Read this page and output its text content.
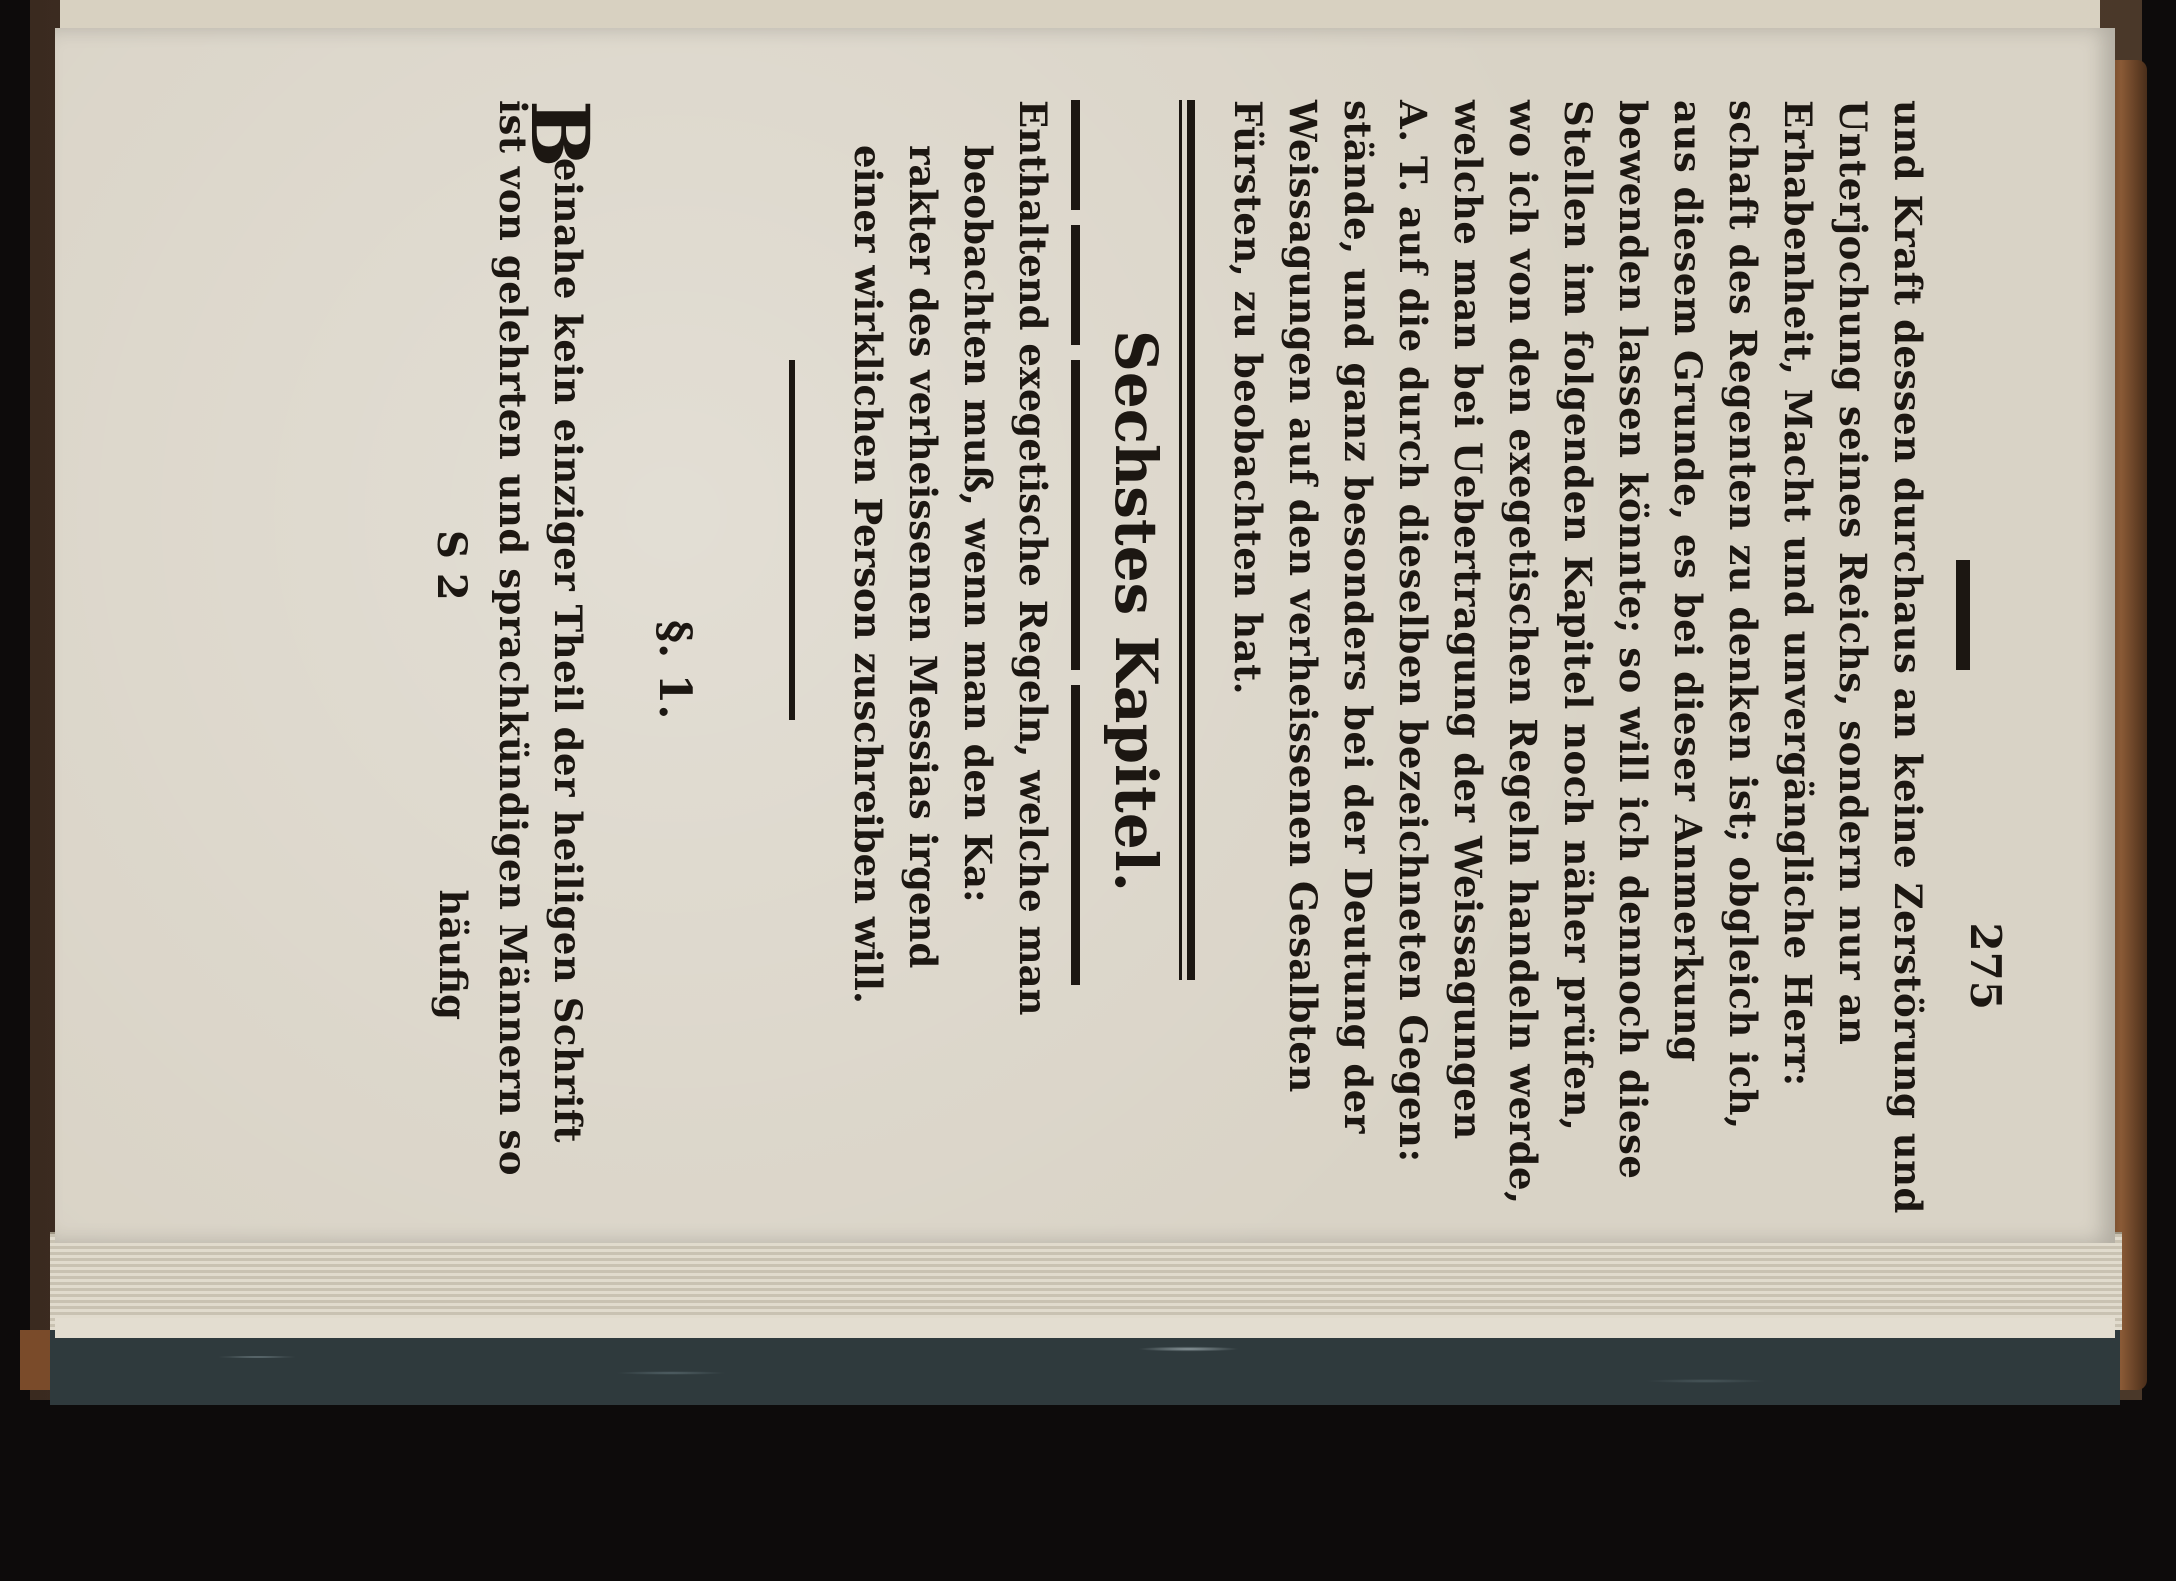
275
und Kraft dessen durchaus an keine Zerstörung und
Unterjochung seines Reichs, sondern nur an
Erhabenheit, Macht und unvergängliche Herr:
schaft des Regenten zu denken ist; obgleich ich,
aus diesem Grunde, es bei dieser Anmerkung
bewenden lassen könnte; so will ich dennoch diese
Stellen im folgenden Kapitel noch näher prüfen,
wo ich von den exegetischen Regeln handeln werde,
welche man bei Uebertragung der Weissagungen
A. T. auf die durch dieselben bezeichneten Gegen:
stände, und ganz besonders bei der Deutung der
Weissagungen auf den verheissenen Gesalbten
Fürsten, zu beobachten hat.
Sechstes Kapitel.
Enthaltend exegetische Regeln, welche man
beobachten muß, wenn man den Ka:
rakter des verheissenen Messias irgend
einer wirklichen Person zuschreiben will.
§. 1.
B
einahe kein einziger Theil der heiligen Schrift
ist von gelehrten und sprachkündigen Männern so
S 2
häufig
